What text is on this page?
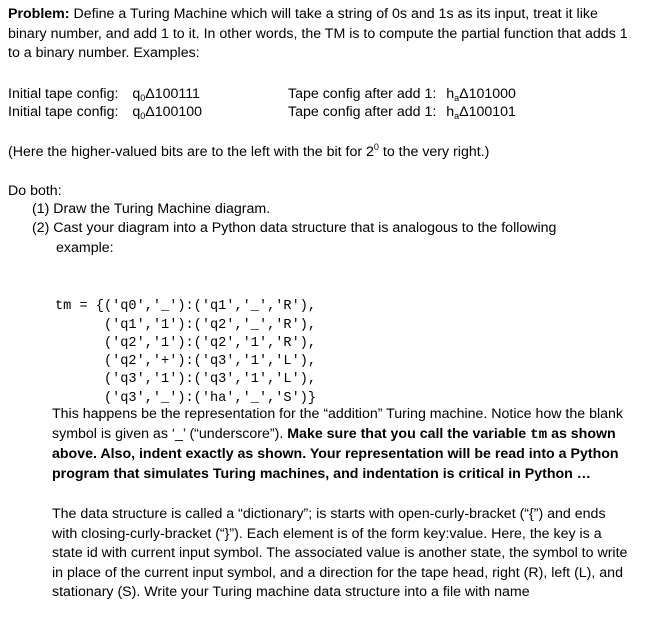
Problem: Define a Turing Machine which will take a string of 0s and 1s as its input, treat it like binary number, and add 1 to it. In other words, the TM is to compute the partial function that adds 1 to a binary number. Examples:
Initial tape config: $q_0\Delta 100111$	Tape config after add 1: $h_a\Delta 101000$
Initial tape config: $q_0\Delta 100100$	Tape config after add 1: $h_a\Delta 100101$
(Here the higher-valued bits are to the left with the bit for $2^0$ to the very right.)
Do both:
(1) Draw the Turing Machine diagram.
(2) Cast your diagram into a Python data structure that is analogous to the following example:

tm = {('q0','_'):('q1','_','R'),
('q1','1'):('q2','_','R'),
('q2','1'):('q2','1','R'),
('q2','+'):('q3','1','L'),
('q3','1'):('q3','1','L'),
('q3','_'):('ha','_','S')}

This happens be the representation for the “addition” Turing machine. Notice how the blank symbol is given as ‘_’ (“underscore”). Make sure that you call the variable tm as shown above. Also, indent exactly as shown. Your representation will be read into a Python program that simulates Turing machines, and indentation is critical in Python …
The data structure is called a “dictionary”; is starts with open-curly-bracket (“{”) and ends with closing-curly-bracket (“}”). Each element is of the form key:value. Here, the key is a state id with current input symbol. The associated value is another state, the symbol to write in place of the current input symbol, and a direction for the tape head, right (R), left (L), and stationary (S). Write your Turing machine data structure into a file with name
